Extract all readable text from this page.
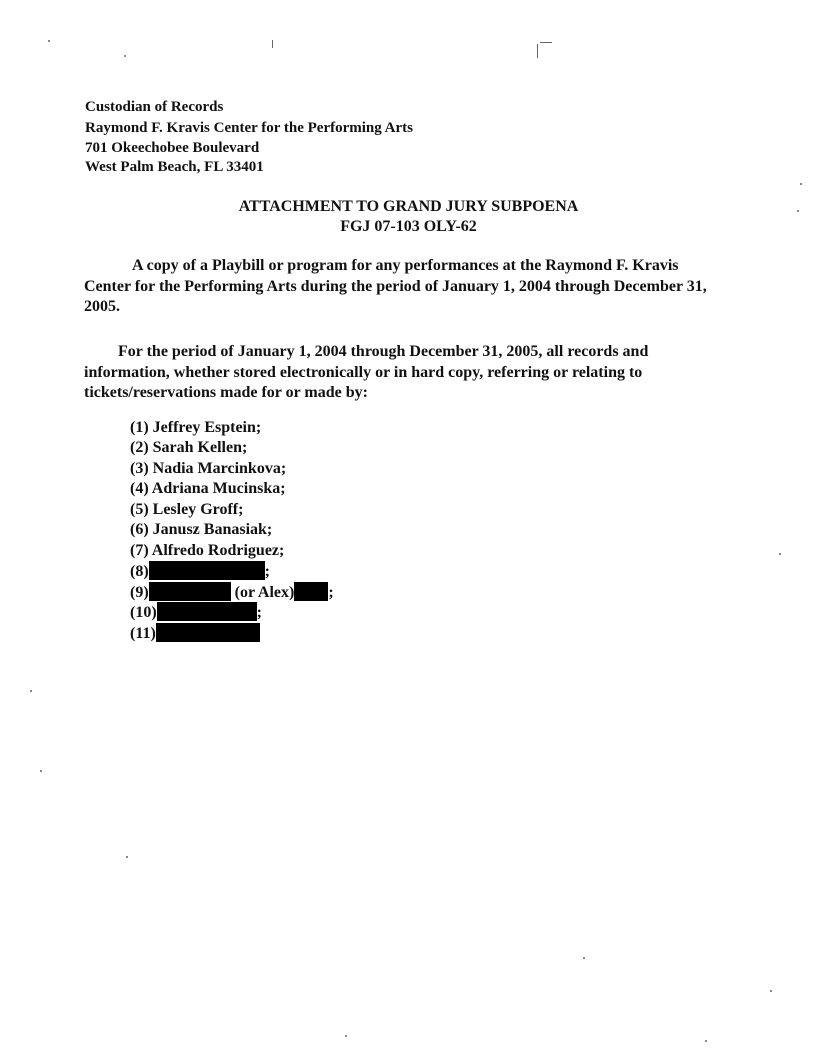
Custodian of Records
Raymond F. Kravis Center for the Performing Arts
701 Okeechobee Boulevard
West Palm Beach, FL 33401
ATTACHMENT TO GRAND JURY SUBPOENA
FGJ 07-103 OLY-62
A copy of a Playbill or program for any performances at the Raymond F. Kravis Center for the Performing Arts during the period of January 1, 2004 through December 31, 2005.
For the period of January 1, 2004 through December 31, 2005, all records and information, whether stored electronically or in hard copy, referring or relating to tickets/reservations made for or made by:
(1) Jeffrey Esptein;
(2) Sarah Kellen;
(3) Nadia Marcinkova;
(4) Adriana Mucinska;
(5) Lesley Groff;
(6) Janusz Banasiak;
(7) Alfredo Rodriguez;
(8)	;
(9)	(or Alex) ;
(10)	;
(11)
